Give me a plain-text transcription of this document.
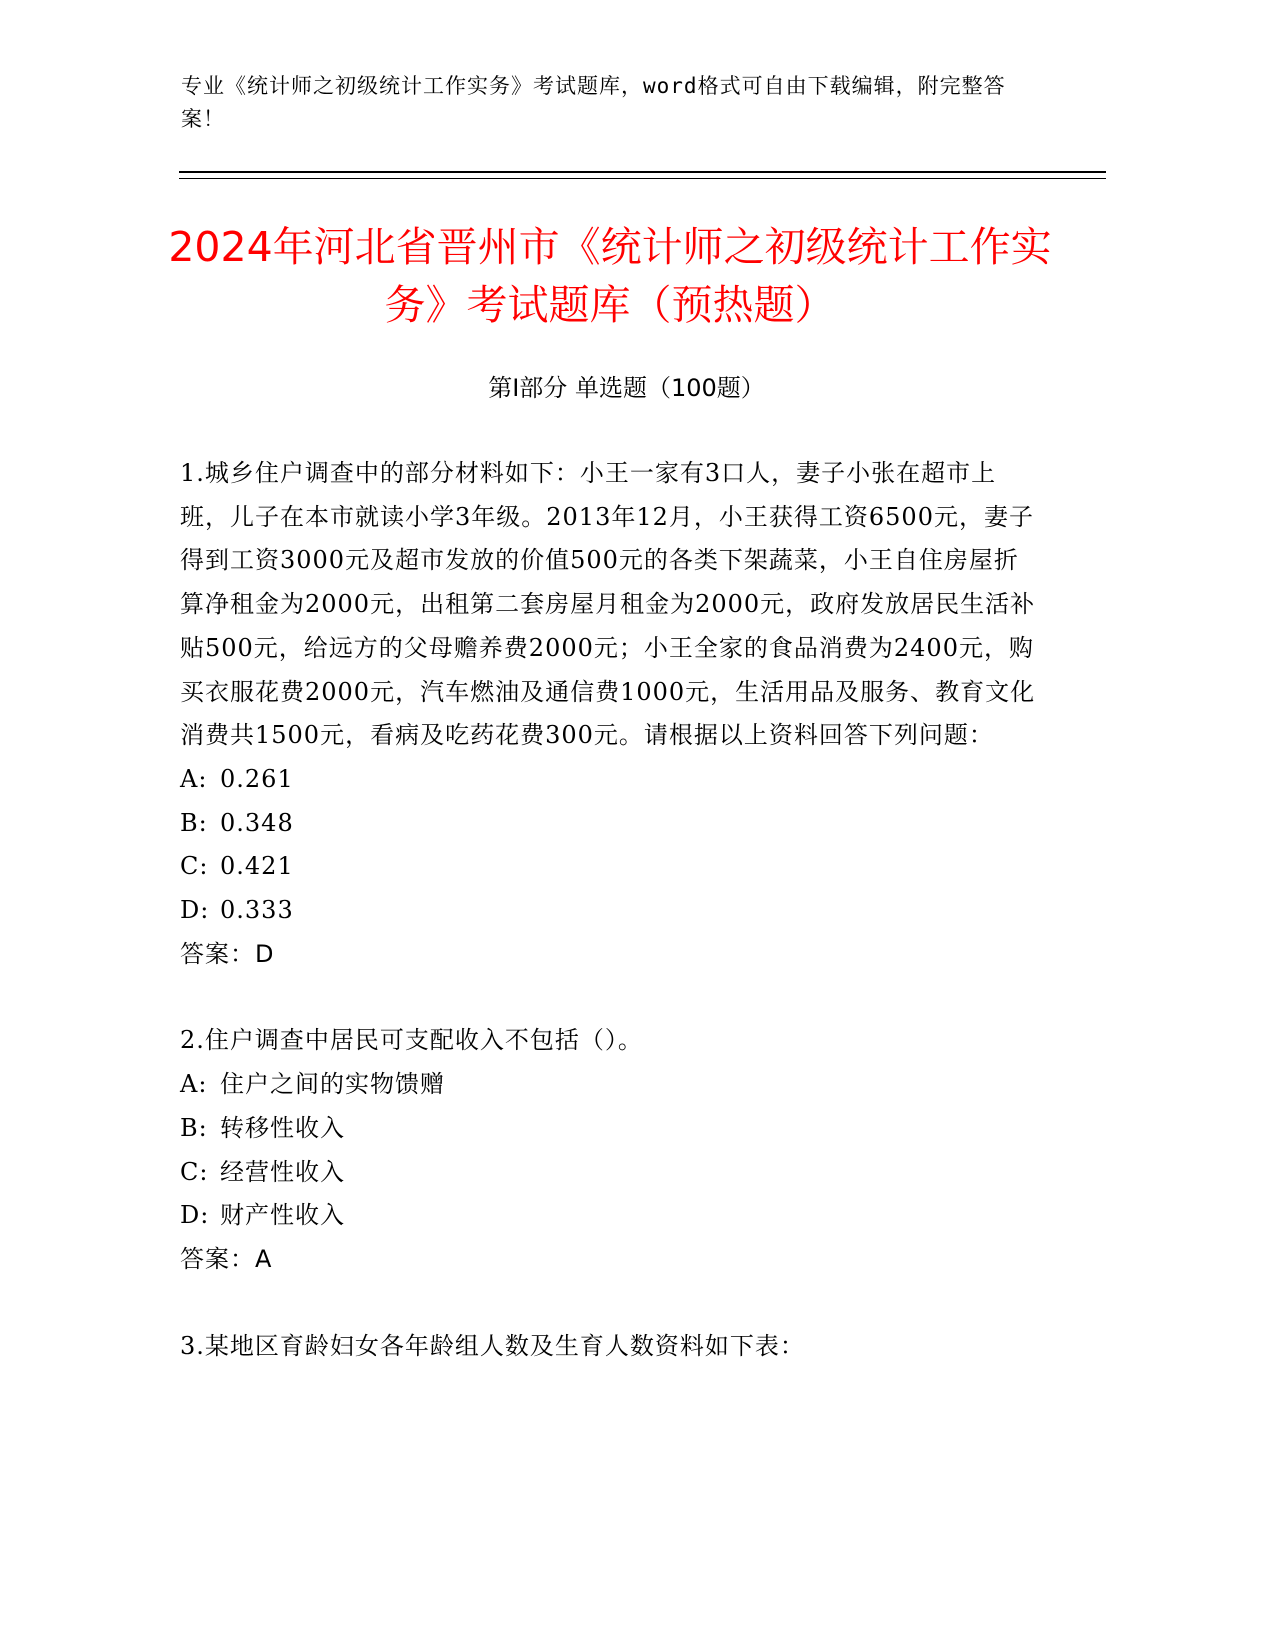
专业《统计师之初级统计工作实务》考试题库，word格式可自由下载编辑，附完整答案！
2024年河北省晋州市《统计师之初级统计工作实务》考试题库（预热题）
第I部分 单选题（100题）

1.城乡住户调查中的部分材料如下：小王一家有3口人，妻子小张在超市上班，儿子在本市就读小学3年级。2013年12月，小王获得工资6500元，妻子得到工资3000元及超市发放的价值500元的各类下架蔬菜，小王自住房屋折算净租金为2000元，出租第二套房屋月租金为2000元，政府发放居民生活补贴500元，给远方的父母赡养费2000元；小王全家的食品消费为2400元，购买衣服花费2000元，汽车燃油及通信费1000元，生活用品及服务、教育文化消费共1500元，看病及吃药花费300元。请根据以上资料回答下列问题：

A: 0.261
B: 0.348
C: 0.421
D: 0.333

答案：D

2.住户调查中居民可支配收入不包括（）。

A: 住户之间的实物馈赠
B: 转移性收入
C: 经营性收入
D: 财产性收入

答案：A

3.某地区育龄妇女各年龄组人数及生育人数资料如下表：
